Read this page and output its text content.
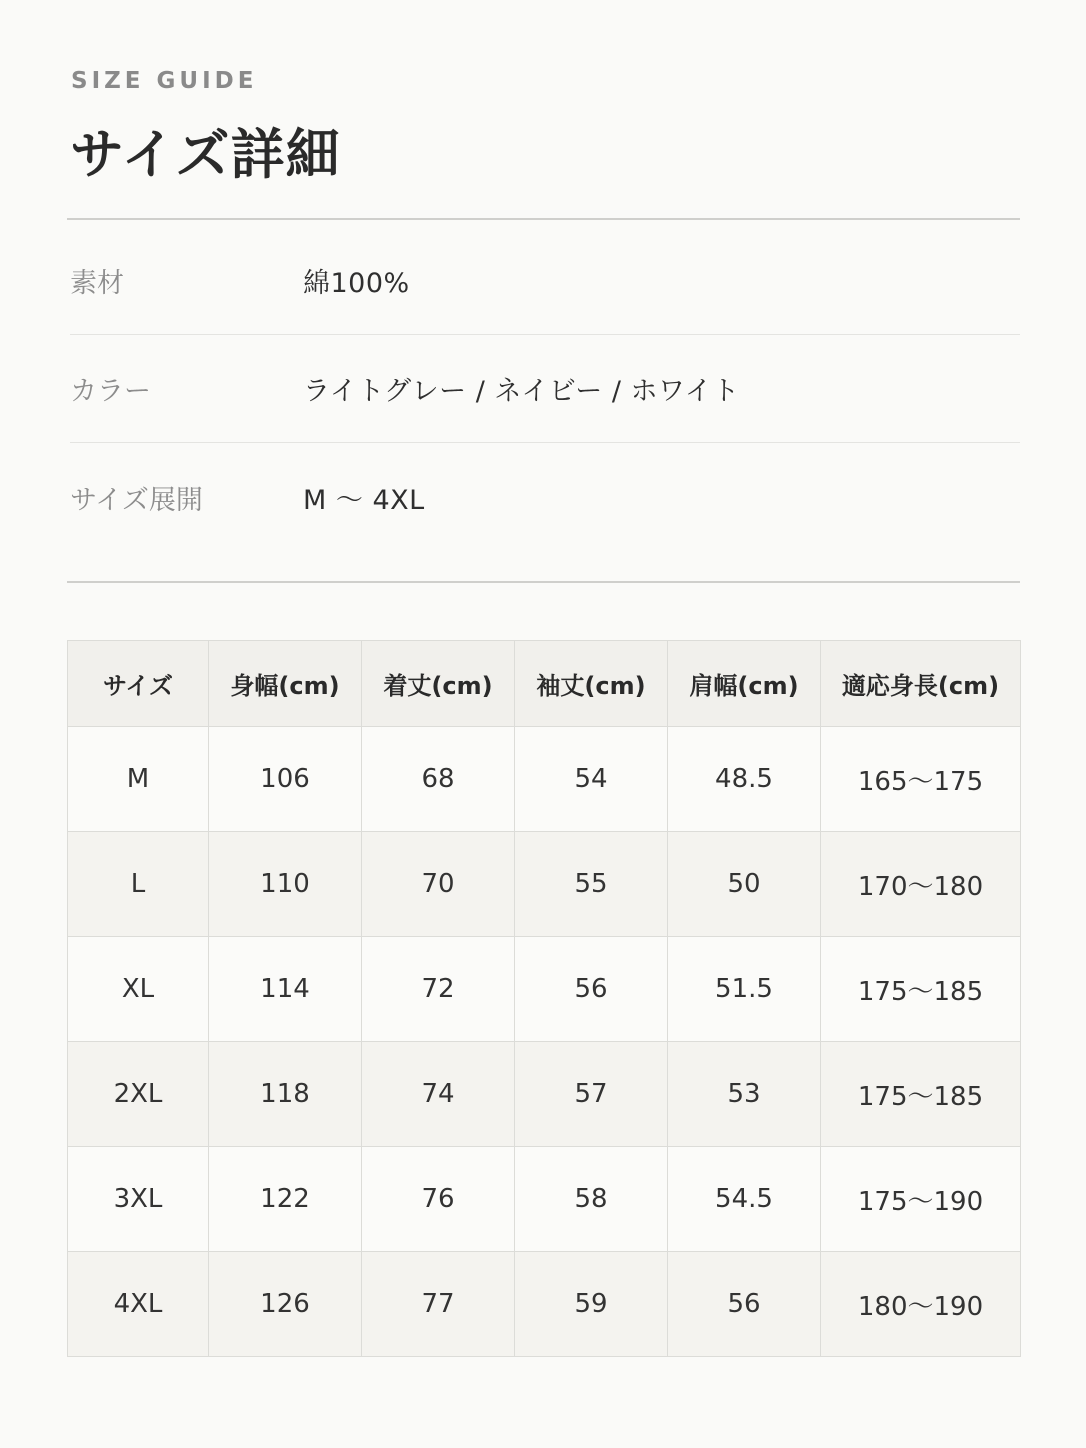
SIZE GUIDE
サイズ詳細
素材	綿100%
カラー	ライトグレー / ネイビー / ホワイト
サイズ展開	M 〜 4XL
サイズ	身幅(cm)	着丈(cm)	袖丈(cm)	肩幅(cm)	適応身長(cm)
M	106	68	54	48.5	165〜175
L	110	70	55	50	170〜180
XL	114	72	56	51.5	175〜185
2XL	118	74	57	53	175〜185
3XL	122	76	58	54.5	175〜190
4XL	126	77	59	56	180〜190
